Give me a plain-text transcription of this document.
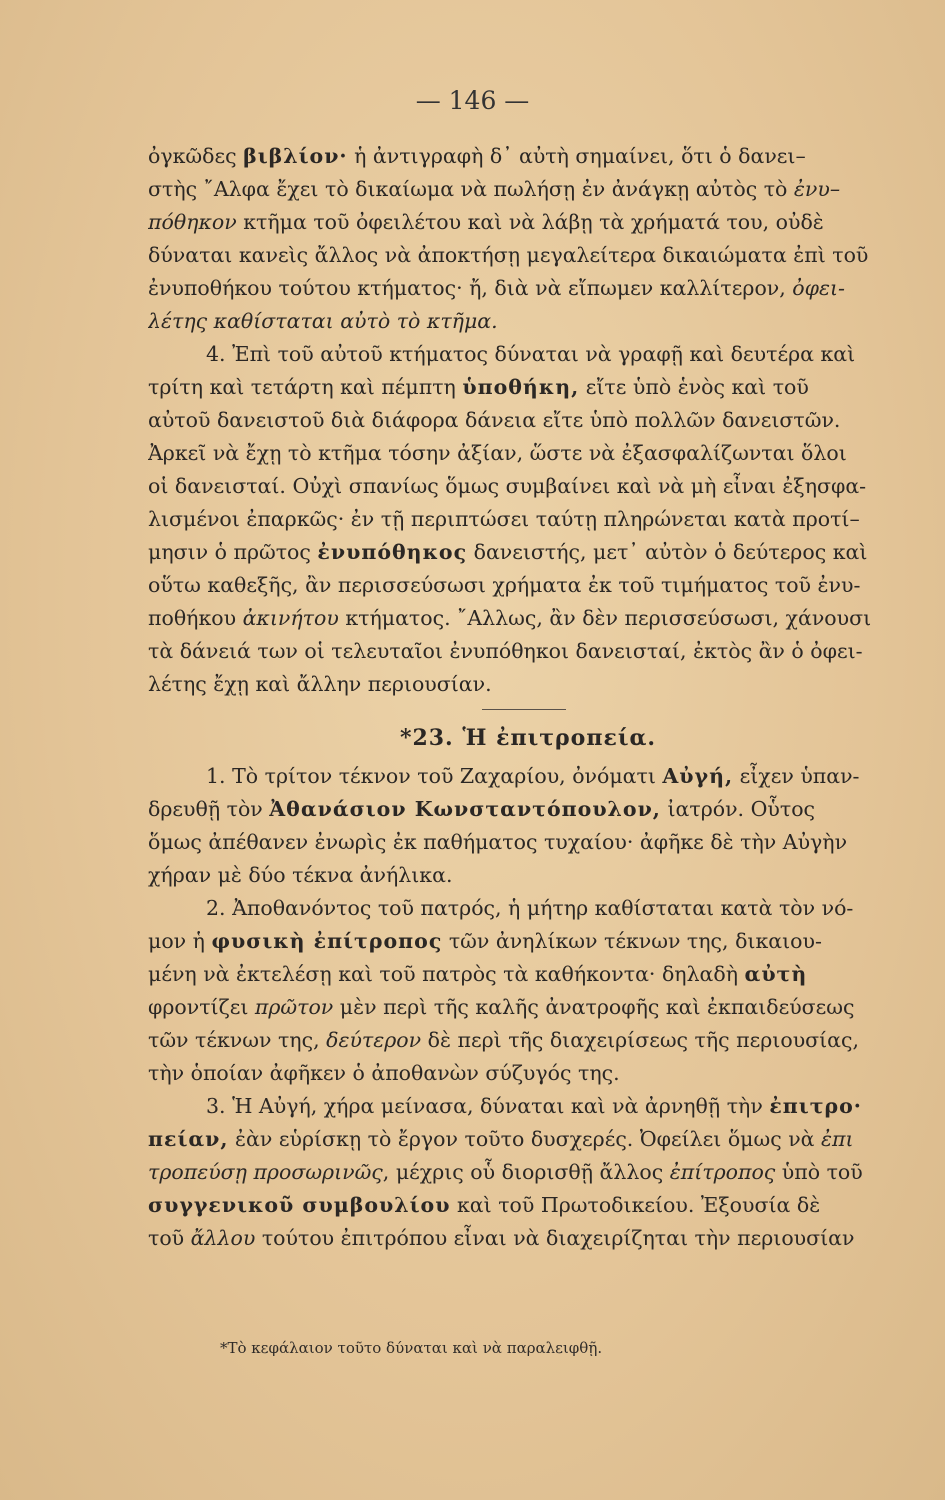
— 146 —
ὀγκῶδες βιβλίον· ἡ ἀντιγραφὴ δ᾽ αὐτὴ σημαίνει, ὅτι ὁ δανει–
στὴς ῎Αλφα ἔχει τὸ δικαίωμα νὰ πωλήσῃ ἐν ἀνάγκῃ αὐτὸς τὸ ἐνυ–
πόθηκον κτῆμα τοῦ ὀφειλέτου καὶ νὰ λάβῃ τὰ χρήματά του, οὐδὲ
δύναται κανεὶς ἄλλος νὰ ἀποκτήσῃ μεγαλείτερα δικαιώματα ἐπὶ τοῦ
ἐνυποθήκου τούτου κτήματος· ἤ, διὰ νὰ εἴπωμεν καλλίτερον, ὀφει-
λέτης καθίσταται αὐτὸ τὸ κτῆμα.
4. Ἐπὶ τοῦ αὐτοῦ κτήματος δύναται νὰ γραφῇ καὶ δευτέρα καὶ
τρίτη καὶ τετάρτη καὶ πέμπτη ὑποθήκη, εἴτε ὑπὸ ἑνὸς καὶ τοῦ
αὐτοῦ δανειστοῦ διὰ διάφορα δάνεια εἴτε ὑπὸ πολλῶν δανειστῶν.
Ἀρκεῖ νὰ ἔχῃ τὸ κτῆμα τόσην ἀξίαν, ὥστε νὰ ἐξασφαλίζωνται ὅλοι
οἱ δανεισταί. Οὐχὶ σπανίως ὅμως συμβαίνει καὶ νὰ μὴ εἶναι ἐξησφα-
λισμένοι ἐπαρκῶς· ἐν τῇ περιπτώσει ταύτῃ πληρώνεται κατὰ προτί–
μησιν ὁ πρῶτος ἐνυπόθηκος δανειστής, μετ᾽ αὐτὸν ὁ δεύτερος καὶ
οὕτω καθεξῆς, ἂν περισσεύσωσι χρήματα ἐκ τοῦ τιμήματος τοῦ ἐνυ-
ποθήκου ἀκινήτου κτήματος. ῎Αλλως, ἂν δὲν περισσεύσωσι, χάνουσι
τὰ δάνειά των οἱ τελευταῖοι ἐνυπόθηκοι δανεισταί, ἐκτὸς ἂν ὁ ὀφει-
λέτης ἔχῃ καὶ ἄλλην περιουσίαν.
*23. Ἡ ἐπιτροπεία.
1. Τὸ τρίτον τέκνον τοῦ Ζαχαρίου, ὀνόματι Αὐγή, εἶχεν ὑπαν-
δρευθῇ τὸν Ἀθανάσιον Κωνσταντόπουλον, ἰατρόν. Οὗτος
ὅμως ἀπέθανεν ἐνωρὶς ἐκ παθήματος τυχαίου· ἀφῆκε δὲ τὴν Αὐγὴν
χήραν μὲ δύο τέκνα ἀνήλικα.
2. Ἀποθανόντος τοῦ πατρός, ἡ μήτηρ καθίσταται κατὰ τὸν νό-
μον ἡ φυσικὴ ἐπίτροπος τῶν ἀνηλίκων τέκνων της, δικαιου-
μένη νὰ ἐκτελέσῃ καὶ τοῦ πατρὸς τὰ καθήκοντα· δηλαδὴ αὐτὴ
φροντίζει πρῶτον μὲν περὶ τῆς καλῆς ἀνατροφῆς καὶ ἐκπαιδεύσεως
τῶν τέκνων της, δεύτερον δὲ περὶ τῆς διαχειρίσεως τῆς περιουσίας,
τὴν ὁποίαν ἀφῆκεν ὁ ἀποθανὼν σύζυγός της.
3. Ἡ Αὐγή, χήρα μείνασα, δύναται καὶ νὰ ἀρνηθῇ τὴν ἐπιτρο·
πείαν, ἐὰν εὑρίσκῃ τὸ ἔργον τοῦτο δυσχερές. Ὀφείλει ὅμως νὰ ἐπι
τροπεύσῃ προσωρινῶς, μέχρις οὗ διορισθῇ ἄλλος ἐπίτροπος ὑπὸ τοῦ
συγγενικοῦ συμβουλίου καὶ τοῦ Πρωτοδικείου. Ἐξουσία δὲ
τοῦ ἄλλου τούτου ἐπιτρόπου εἶναι νὰ διαχειρίζηται τὴν περιουσίαν
*Τὸ κεφάλαιον τοῦτο δύναται καὶ νὰ παραλειφθῇ.
